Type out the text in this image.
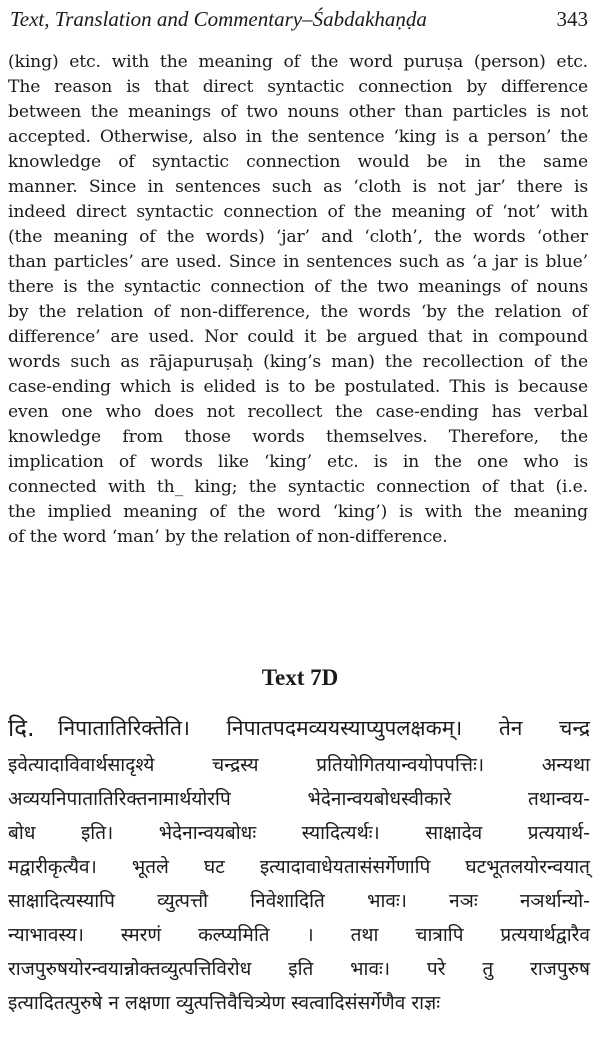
Text, Translation and Commentary–Śabdakhaṇḍa	343
(king) etc. with the meaning of the word puruṣa (person) etc.
The reason is that direct syntactic connection by difference
between the meanings of two nouns other than particles is not
accepted. Otherwise, also in the sentence ‘king is a person’ the
knowledge of syntactic connection would be in the same
manner. Since in sentences such as ‘cloth is not jar’ there is
indeed direct syntactic connection of the meaning of ‘not’ with
(the meaning of the words) ‘jar’ and ‘cloth’, the words ‘other
than particles’ are used. Since in sentences such as ‘a jar is blue’
there is the syntactic connection of the two meanings of nouns
by the relation of non-difference, the words ‘by the relation of
difference’ are used. Nor could it be argued that in compound
words such as rājapuruṣaḥ (king’s man) the recollection of the
case-ending which is elided is to be postulated. This is because
even one who does not recollect the case-ending has verbal
knowledge from those words themselves. Therefore, the
implication of words like ‘king’ etc. is in the one who is
connected with th_ king; the syntactic connection of that (i.e.
the implied meaning of the word ‘king’) is with the meaning
of the word ‘man’ by the relation of non-difference.
Text 7D
दि.	निपातातिरिक्तेति। निपातपदमव्ययस्याप्युपलक्षकम्। तेन चन्द्र
इवेत्यादाविवार्थसादृश्ये चन्द्रस्य प्रतियोगितयान्वयोपपत्तिः। अन्यथा
अव्ययनिपातातिरिक्तनामार्थयोरपि भेदेनान्वयबोधस्वीकारे तथान्वय-
बोध इति। भेदेनान्वयबोधः स्यादित्यर्थः। साक्षादेव प्रत्ययार्थ-
मद्वारीकृत्यैव। भूतले घट इत्यादावाधेयतासंसर्गेणापि घटभूतलयोरन्वयात्
साक्षादित्यस्यापि व्युत्पत्तौ निवेशादिति भावः। नञः नञर्थान्यो-
न्याभावस्य। स्मरणं कल्प्यमिति । तथा चात्रापि प्रत्ययार्थद्वारैव
राजपुरुषयोरन्वयान्नोक्तव्युत्पत्तिविरोध इति भावः। परे तु राजपुरुष
इत्यादितत्पुरुषे न लक्षणा व्युत्पत्तिवैचित्र्येण स्वत्वादिसंसर्गेणैव राज्ञः
